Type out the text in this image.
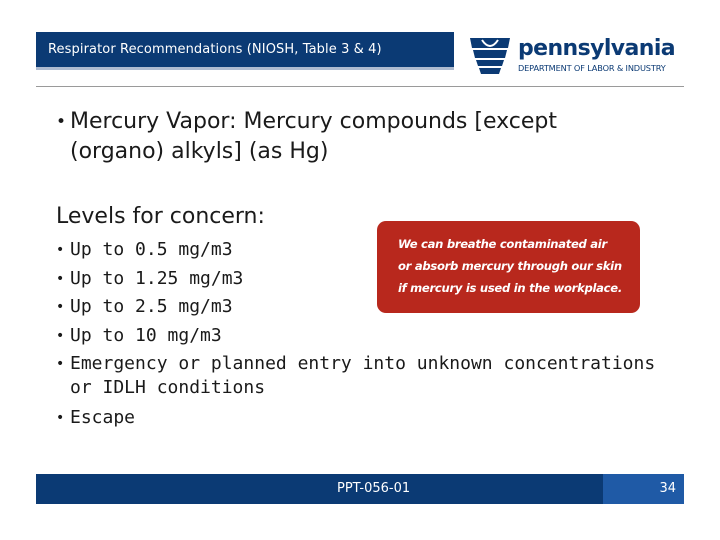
Respirator Recommendations (NIOSH, Table 3 & 4)	pennsylvania
DEPARTMENT OF LABOR & INDUSTRY
• Mercury Vapor: Mercury compounds [except (organo) alkyls] (as Hg)
Levels for concern:
• Up to 0.5 mg/m3
• Up to 1.25 mg/m3
• Up to 2.5 mg/m3
• Up to 10 mg/m3
• Emergency or planned entry into unknown concentrations or IDLH conditions
• Escape
We can breathe contaminated air
or absorb mercury through our skin
if mercury is used in the workplace.
PPT-056-01	34
